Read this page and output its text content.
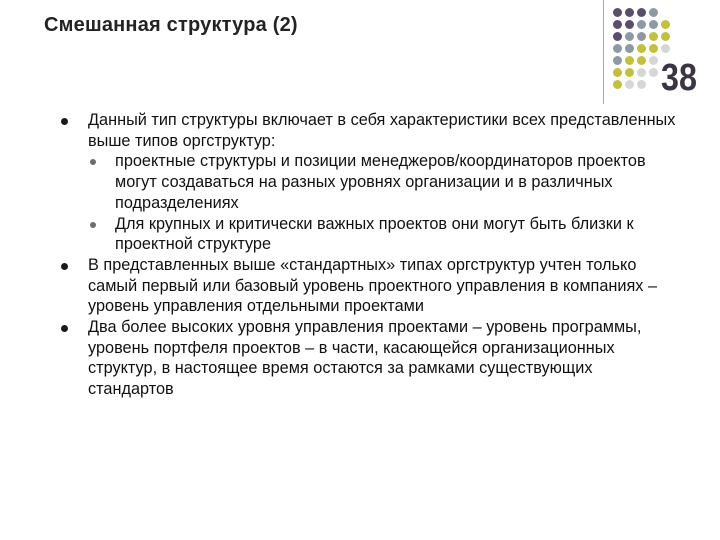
Смешанная структура (2)
38
Данный тип структуры включает в себя характеристики всех представленных выше типов оргструктур:
проектные структуры и позиции менеджеров/координаторов проектов могут создаваться на разных уровнях организации и в различных подразделениях
Для крупных и критически важных проектов они могут быть близки к проектной структуре
В представленных выше «стандартных» типах оргструктур учтен только самый первый или базовый уровень проектного управления в компаниях – уровень управления отдельными проектами
Два более высоких уровня управления проектами – уровень программы, уровень портфеля проектов – в части, касающейся организационных структур, в настоящее время остаются за рамками существующих стандартов
